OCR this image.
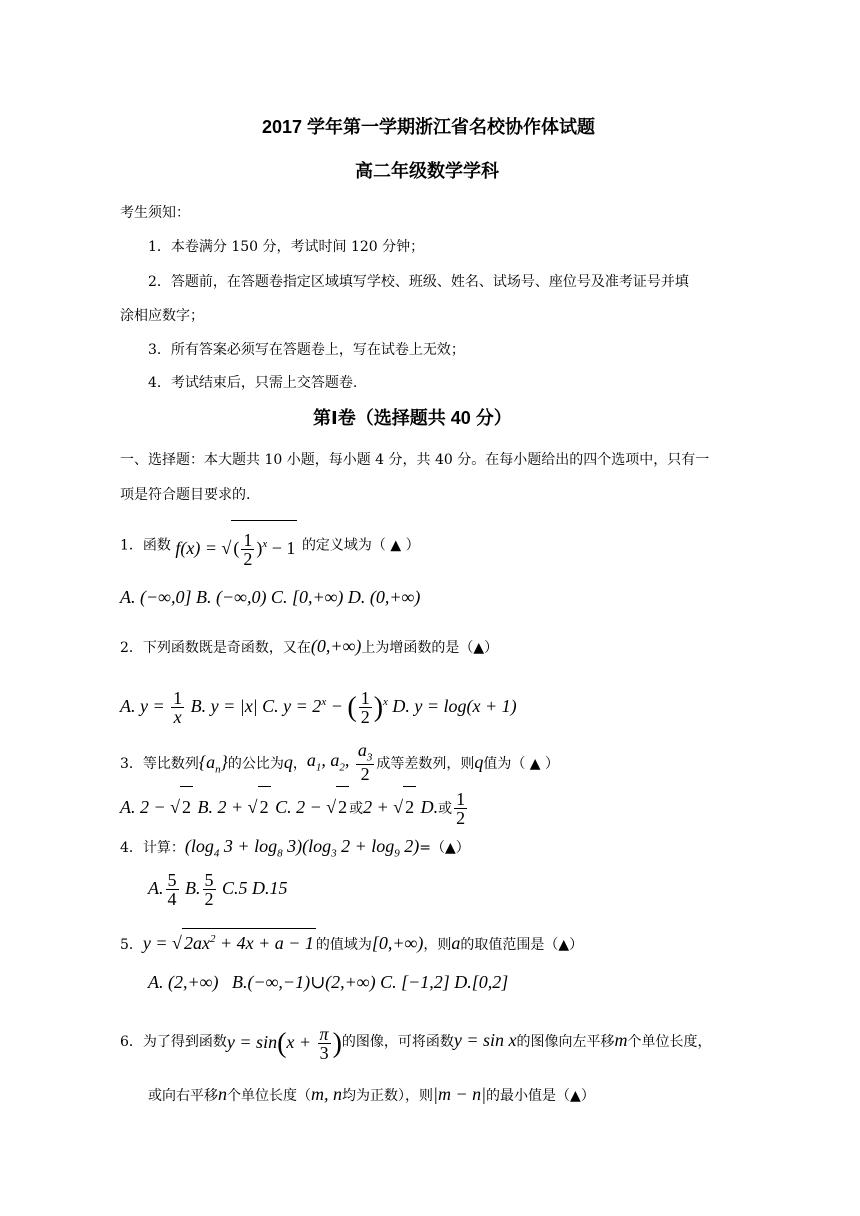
2017 学年第一学期浙江省名校协作体试题
高二年级数学学科
考生须知：
1．本卷满分 150 分，考试时间 120 分钟；
2．答题前，在答题卷指定区域填写学校、班级、姓名、试场号、座位号及准考证号并填
涂相应数字；
3．所有答案必须写在答题卷上，写在试卷上无效；
4．考试结束后，只需上交答题卷.
第Ⅰ卷（选择题共 40 分）
一、选择题：本大题共 10 小题，每小题 4 分，共 40 分。在每小题给出的四个选项中，只有一
项是符合题目要求的.
1．函数 f(x) = √ ( $\frac{1}{2} )^x - 1$ 的定义域为（ ▲ ）
A. (−∞,0] B. (−∞,0) C. [0,+∞) D. (0,+∞)
2．下列函数既是奇函数，又在(0,+∞)上为增函数的是（▲）
A. $y = \frac{1}{x} B$. y = |x| C. $y = 2^x$ − ( $\frac{1}{2} )^x$ D. y = log(x + 1)
3．等比数列$\{a_n\}$的公比为q，$a_1$, $a_2$, $\frac{a_3}{2}$ 成等差数列，则q值为（ ▲ ）
A. 2 − √ 2 B. 2 + √ 2 C. 2 − √ 2 或2 + √ 2 D.或 $\frac{1}{2}$
4．计算：($\log_4$ $3 + \log_8 3)(\log_3$ $2 + \log_9$ 2)=（▲）
A. $\frac{5}{4} B$. $\frac{5}{2} C.5$ D.15
5．y = √ $2ax^2 + 4x + a - 1$ 的值域为[0,+∞)，则a的取值范围是（▲）
A. (2,+∞)   B.(−∞,−1)∪(2,+∞) C. [−1,2] D.[0,2]
6．为了得到函数$y = \sin(x + \frac{\pi}{3}$ )的图像，可将函数y = sin x的图像向左平移m个单位长度，
或向右平移n个单位长度（m, n均为正数），则|m − n|的最小值是（▲）
